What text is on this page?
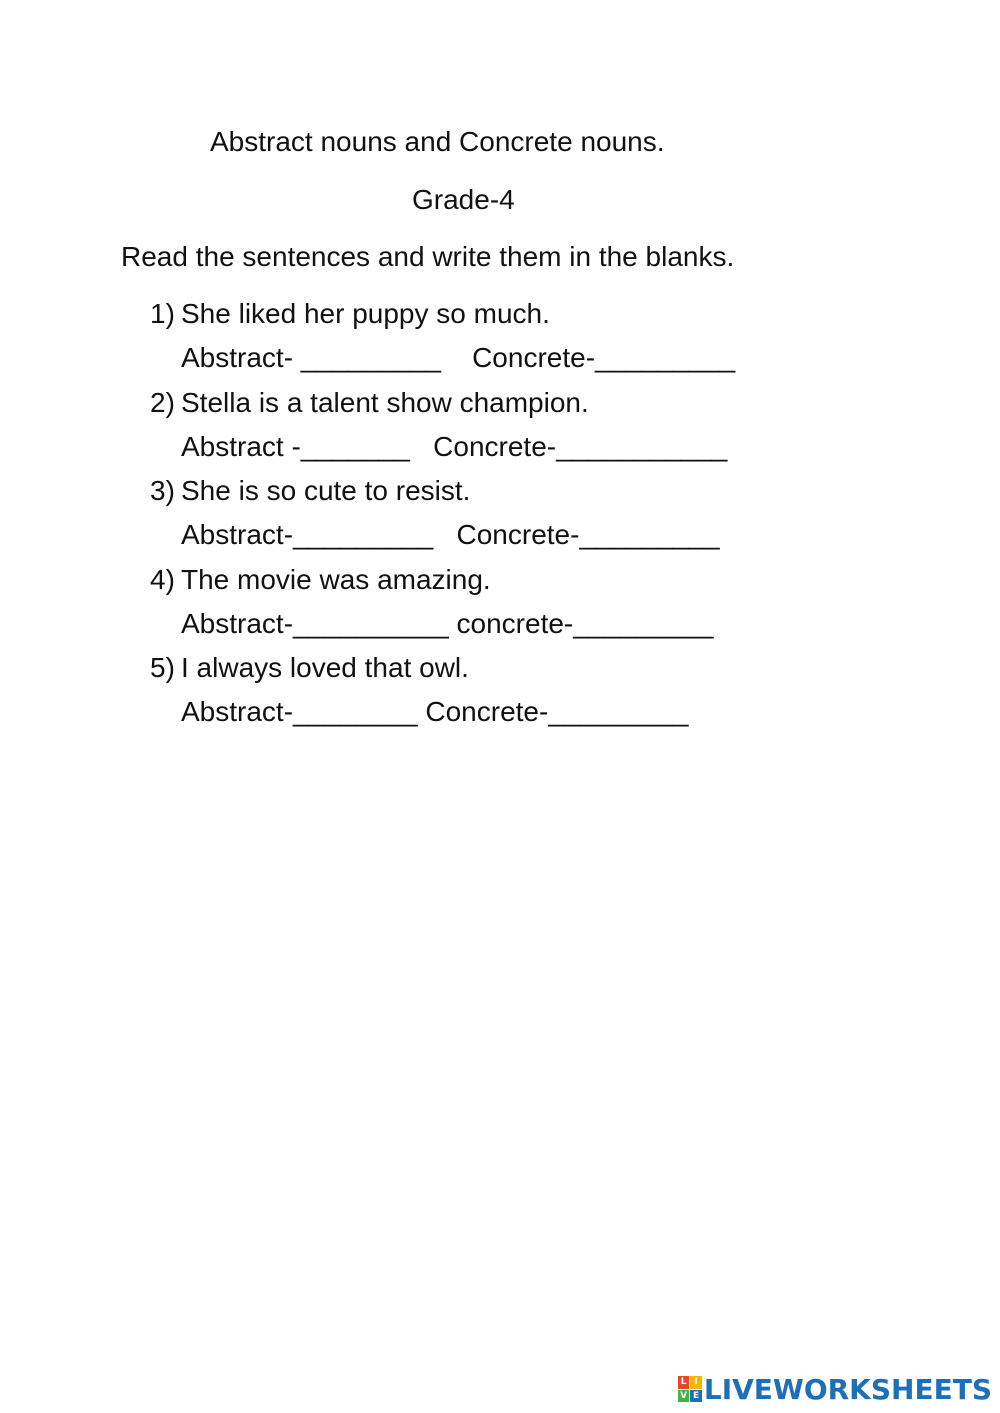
Abstract nouns and Concrete nouns.
Grade-4
Read the sentences and write them in the blanks.
1) She liked her puppy so much.
Abstract- _________    Concrete-_________
2) Stella is a talent show champion.
Abstract -_______   Concrete-___________
3) She is so cute to resist.
Abstract-_________   Concrete-_________
4) The movie was amazing.
Abstract-__________ concrete-_________
5) I always loved that owl.
Abstract-________ Concrete-_________
L I
V E LIVEWORKSHEETS
